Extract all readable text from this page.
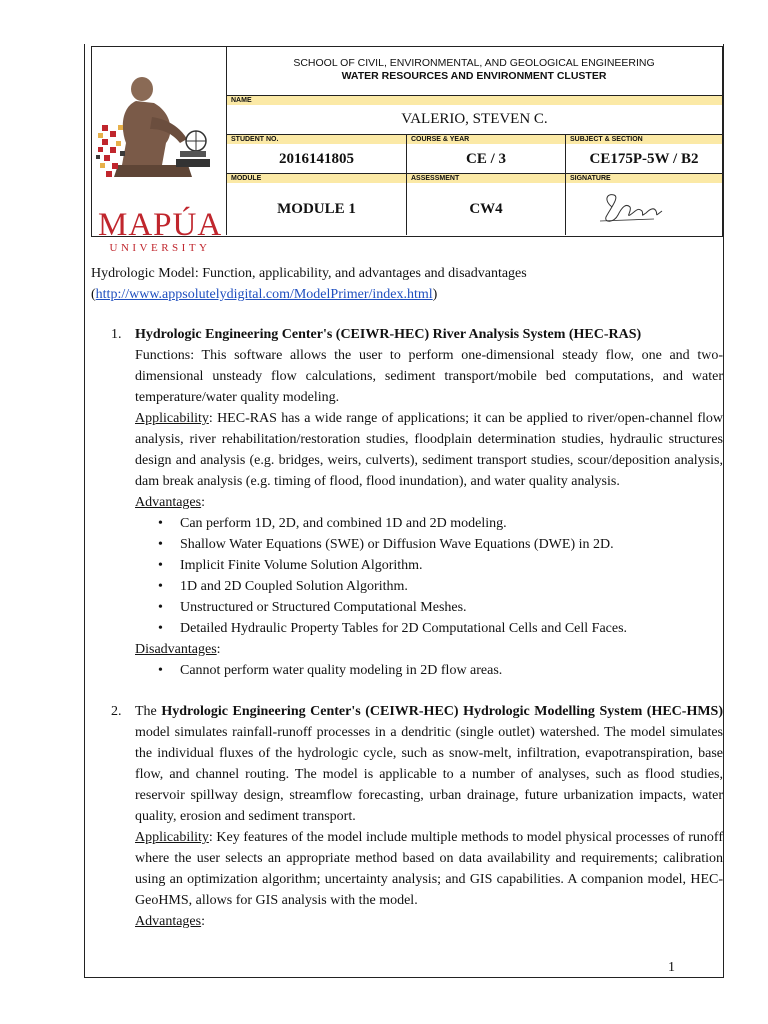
MAPÚA
UNIVERSITY
SCHOOL OF CIVIL, ENVIRONMENTAL, AND GEOLOGICAL ENGINEERING
WATER RESOURCES AND ENVIRONMENT CLUSTER
NAME
VALERIO, STEVEN C.
STUDENT NO.	COURSE & YEAR	SUBJECT & SECTION
2016141805	CE / 3	CE175P-5W / B2
MODULE	ASSESSMENT	SIGNATURE
MODULE 1	CW4

Hydrologic Model: Function, applicability, and advantages and disadvantages

(http://www.appsolutelydigital.com/ModelPrimer/index.html)

1. Hydrologic Engineering Center's (CEIWR-HEC) River Analysis System (HEC-RAS)

Functions: This software allows the user to perform one-dimensional steady flow, one and two-dimensional unsteady flow calculations, sediment transport/mobile bed computations, and water temperature/water quality modeling.

Applicability: HEC-RAS has a wide range of applications; it can be applied to river/open-channel flow analysis, river rehabilitation/restoration studies, floodplain determination studies, hydraulic structures design and analysis (e.g. bridges, weirs, culverts), sediment transport studies, scour/deposition analysis, dam break analysis (e.g. timing of flood, flood inundation), and water quality analysis.

Advantages:

• Can perform 1D, 2D, and combined 1D and 2D modeling.
• Shallow Water Equations (SWE) or Diffusion Wave Equations (DWE) in 2D.
• Implicit Finite Volume Solution Algorithm.
• 1D and 2D Coupled Solution Algorithm.
• Unstructured or Structured Computational Meshes.
• Detailed Hydraulic Property Tables for 2D Computational Cells and Cell Faces.

Disadvantages:

• Cannot perform water quality modeling in 2D flow areas.
2. The Hydrologic Engineering Center's (CEIWR-HEC) Hydrologic Modelling System (HEC-HMS) model simulates rainfall-runoff processes in a dendritic (single outlet) watershed. The model simulates the individual fluxes of the hydrologic cycle, such as snow-melt, infiltration, evapotranspiration, base flow, and channel routing. The model is applicable to a number of analyses, such as flood studies, reservoir spillway design, streamflow forecasting, urban drainage, future urbanization impacts, water quality, erosion and sediment transport.

Applicability: Key features of the model include multiple methods to model physical processes of runoff where the user selects an appropriate method based on data availability and requirements; calibration using an optimization algorithm; uncertainty analysis; and GIS capabilities. A companion model, HEC-GeoHMS, allows for GIS analysis with the model.

Advantages:

1
